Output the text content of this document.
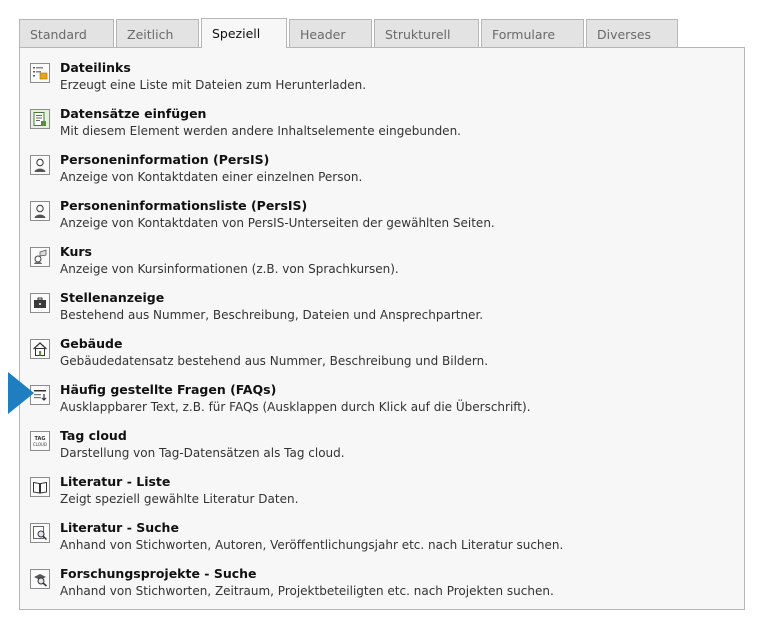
Standard	Zeitlich	Speziell	Header	Strukturell	Formulare	Diverses
Dateilinks
Erzeugt eine Liste mit Dateien zum Herunterladen.
Datensätze einfügen
Mit diesem Element werden andere Inhaltselemente eingebunden.
Personeninformation (PersIS)
Anzeige von Kontaktdaten einer einzelnen Person.
Personeninformationsliste (PersIS)
Anzeige von Kontaktdaten von PersIS-Unterseiten der gewählten Seiten.
Kurs
Anzeige von Kursinformationen (z.B. von Sprachkursen).
Stellenanzeige
Bestehend aus Nummer, Beschreibung, Dateien und Ansprechpartner.
Gebäude
Gebäudedatensatz bestehend aus Nummer, Beschreibung und Bildern.
Häufig gestellte Fragen (FAQs)
Ausklappbarer Text, z.B. für FAQs (Ausklappen durch Klick auf die Überschrift).
TAG
CLOUD
Tag cloud
Darstellung von Tag-Datensätzen als Tag cloud.
Literatur - Liste
Zeigt speziell gewählte Literatur Daten.
Literatur - Suche
Anhand von Stichworten, Autoren, Veröffentlichungsjahr etc. nach Literatur suchen.
Forschungsprojekte - Suche
Anhand von Stichworten, Zeitraum, Projektbeteiligten etc. nach Projekten suchen.
